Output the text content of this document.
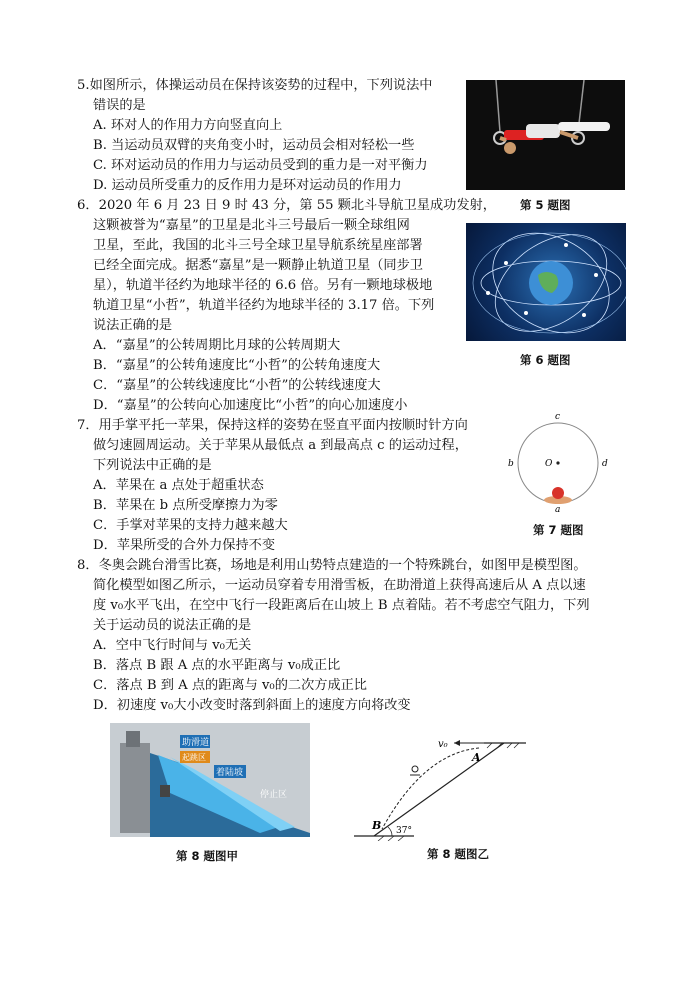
5.如图所示，体操运动员在保持该姿势的过程中，下列说法中
错误的是
A. 环对人的作用力方向竖直向上
B. 当运动员双臂的夹角变小时，运动员会相对轻松一些
C. 环对运动员的作用力与运动员受到的重力是一对平衡力
D. 运动员所受重力的反作用力是环对运动员的作用力
第 5 题图
6．2020 年 6 月 23 日 9 时 43 分，第 55 颗北斗导航卫星成功发射，
这颗被誉为“嘉星”的卫星是北斗三号最后一颗全球组网
卫星，至此，我国的北斗三号全球卫星导航系统星座部署
已经全面完成。据悉“嘉星”是一颗静止轨道卫星（同步卫
星），轨道半径约为地球半径的 6.6 倍。另有一颗地球极地
轨道卫星“小哲”，轨道半径约为地球半径的 3.17 倍。下列
说法正确的是
A．“嘉星”的公转周期比月球的公转周期大
B．“嘉星”的公转角速度比“小哲”的公转角速度大
C．“嘉星”的公转线速度比“小哲”的公转线速度大
D．“嘉星”的公转向心加速度比“小哲”的向心加速度小
第 6 题图
7．用手掌平托一苹果，保持这样的姿势在竖直平面内按顺时针方向
做匀速圆周运动。关于苹果从最低点 a 到最高点 c 的运动过程，
下列说法中正确的是
A．苹果在 a 点处于超重状态
B．苹果在 b 点所受摩擦力为零
C．手掌对苹果的支持力越来越大
D．苹果所受的合外力保持不变
O
c
b	d
a
第 7 题图
8．冬奥会跳台滑雪比赛，场地是利用山势特点建造的一个特殊跳台，如图甲是模型图。
简化模型如图乙所示，一运动员穿着专用滑雪板，在助滑道上获得高速后从 A 点以速
度 v₀水平飞出，在空中飞行一段距离后在山坡上 B 点着陆。若不考虑空气阻力，下列
关于运动员的说法正确的是
A．空中飞行时间与 v₀无关
B．落点 B 跟 A 点的水平距离与 v₀成正比
C．落点 B 到 A 点的距离与 v₀的二次方成正比
D．初速度 v₀大小改变时落到斜面上的速度方向将改变
助滑道
起跳区
着陆坡
停止区
第 8 题图甲
v₀
A
B 37°
第 8 题图乙
